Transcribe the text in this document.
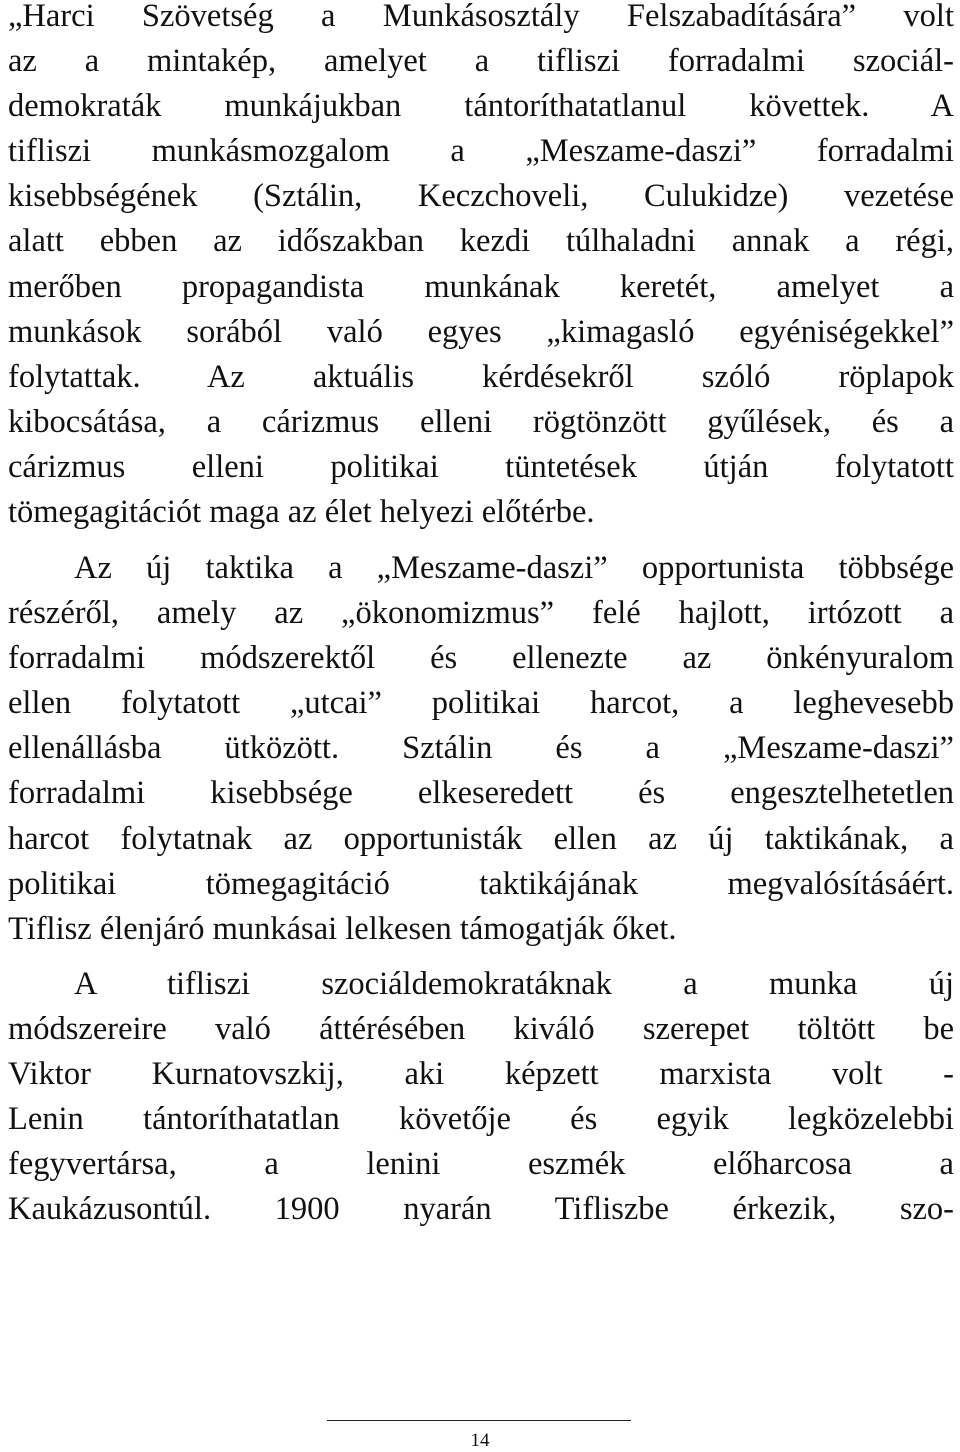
„Harci Szövetség a Munkásosztály Felszabadítására” volt
az a mintakép, amelyet a tifliszi forradalmi szociál-
demokraták munkájukban tántoríthatatlanul követtek. A
tifliszi munkásmozgalom a „Meszame-daszi” forradalmi
kisebbségének (Sztálin, Keczchoveli, Culukidze) vezetése
alatt ebben az időszakban kezdi túlhaladni annak a régi,
merőben propagandista munkának keretét, amelyet a
munkások sorából való egyes „kimagasló egyéniségekkel”
folytattak. Az aktuális kérdésekről szóló röplapok
kibocsátása, a cárizmus elleni rögtönzött gyűlések, és a
cárizmus elleni politikai tüntetések útján folytatott
tömegagitációt maga az élet helyezi előtérbe.
Az új taktika a „Meszame-daszi” opportunista többsége
részéről, amely az „ökonomizmus” felé hajlott, irtózott a
forradalmi módszerektől és ellenezte az önkényuralom
ellen folytatott „utcai” politikai harcot, a leghevesebb
ellenállásba ütközött. Sztálin és a „Meszame-daszi”
forradalmi kisebbsége elkeseredett és engesztelhetetlen
harcot folytatnak az opportunisták ellen az új taktikának, a
politikai tömegagitáció taktikájának megvalósításáért.
Tiflisz élenjáró munkásai lelkesen támogatják őket.
A tifliszi szociáldemokratáknak a munka új
módszereire való áttérésében kiváló szerepet töltött be
Viktor Kurnatovszkij, aki képzett marxista volt -
Lenin tántoríthatatlan követője és egyik legközelebbi
fegyvertársa, a lenini eszmék előharcosa a
Kaukázusontúl. 1900 nyarán Tifliszbe érkezik, szo-
14
